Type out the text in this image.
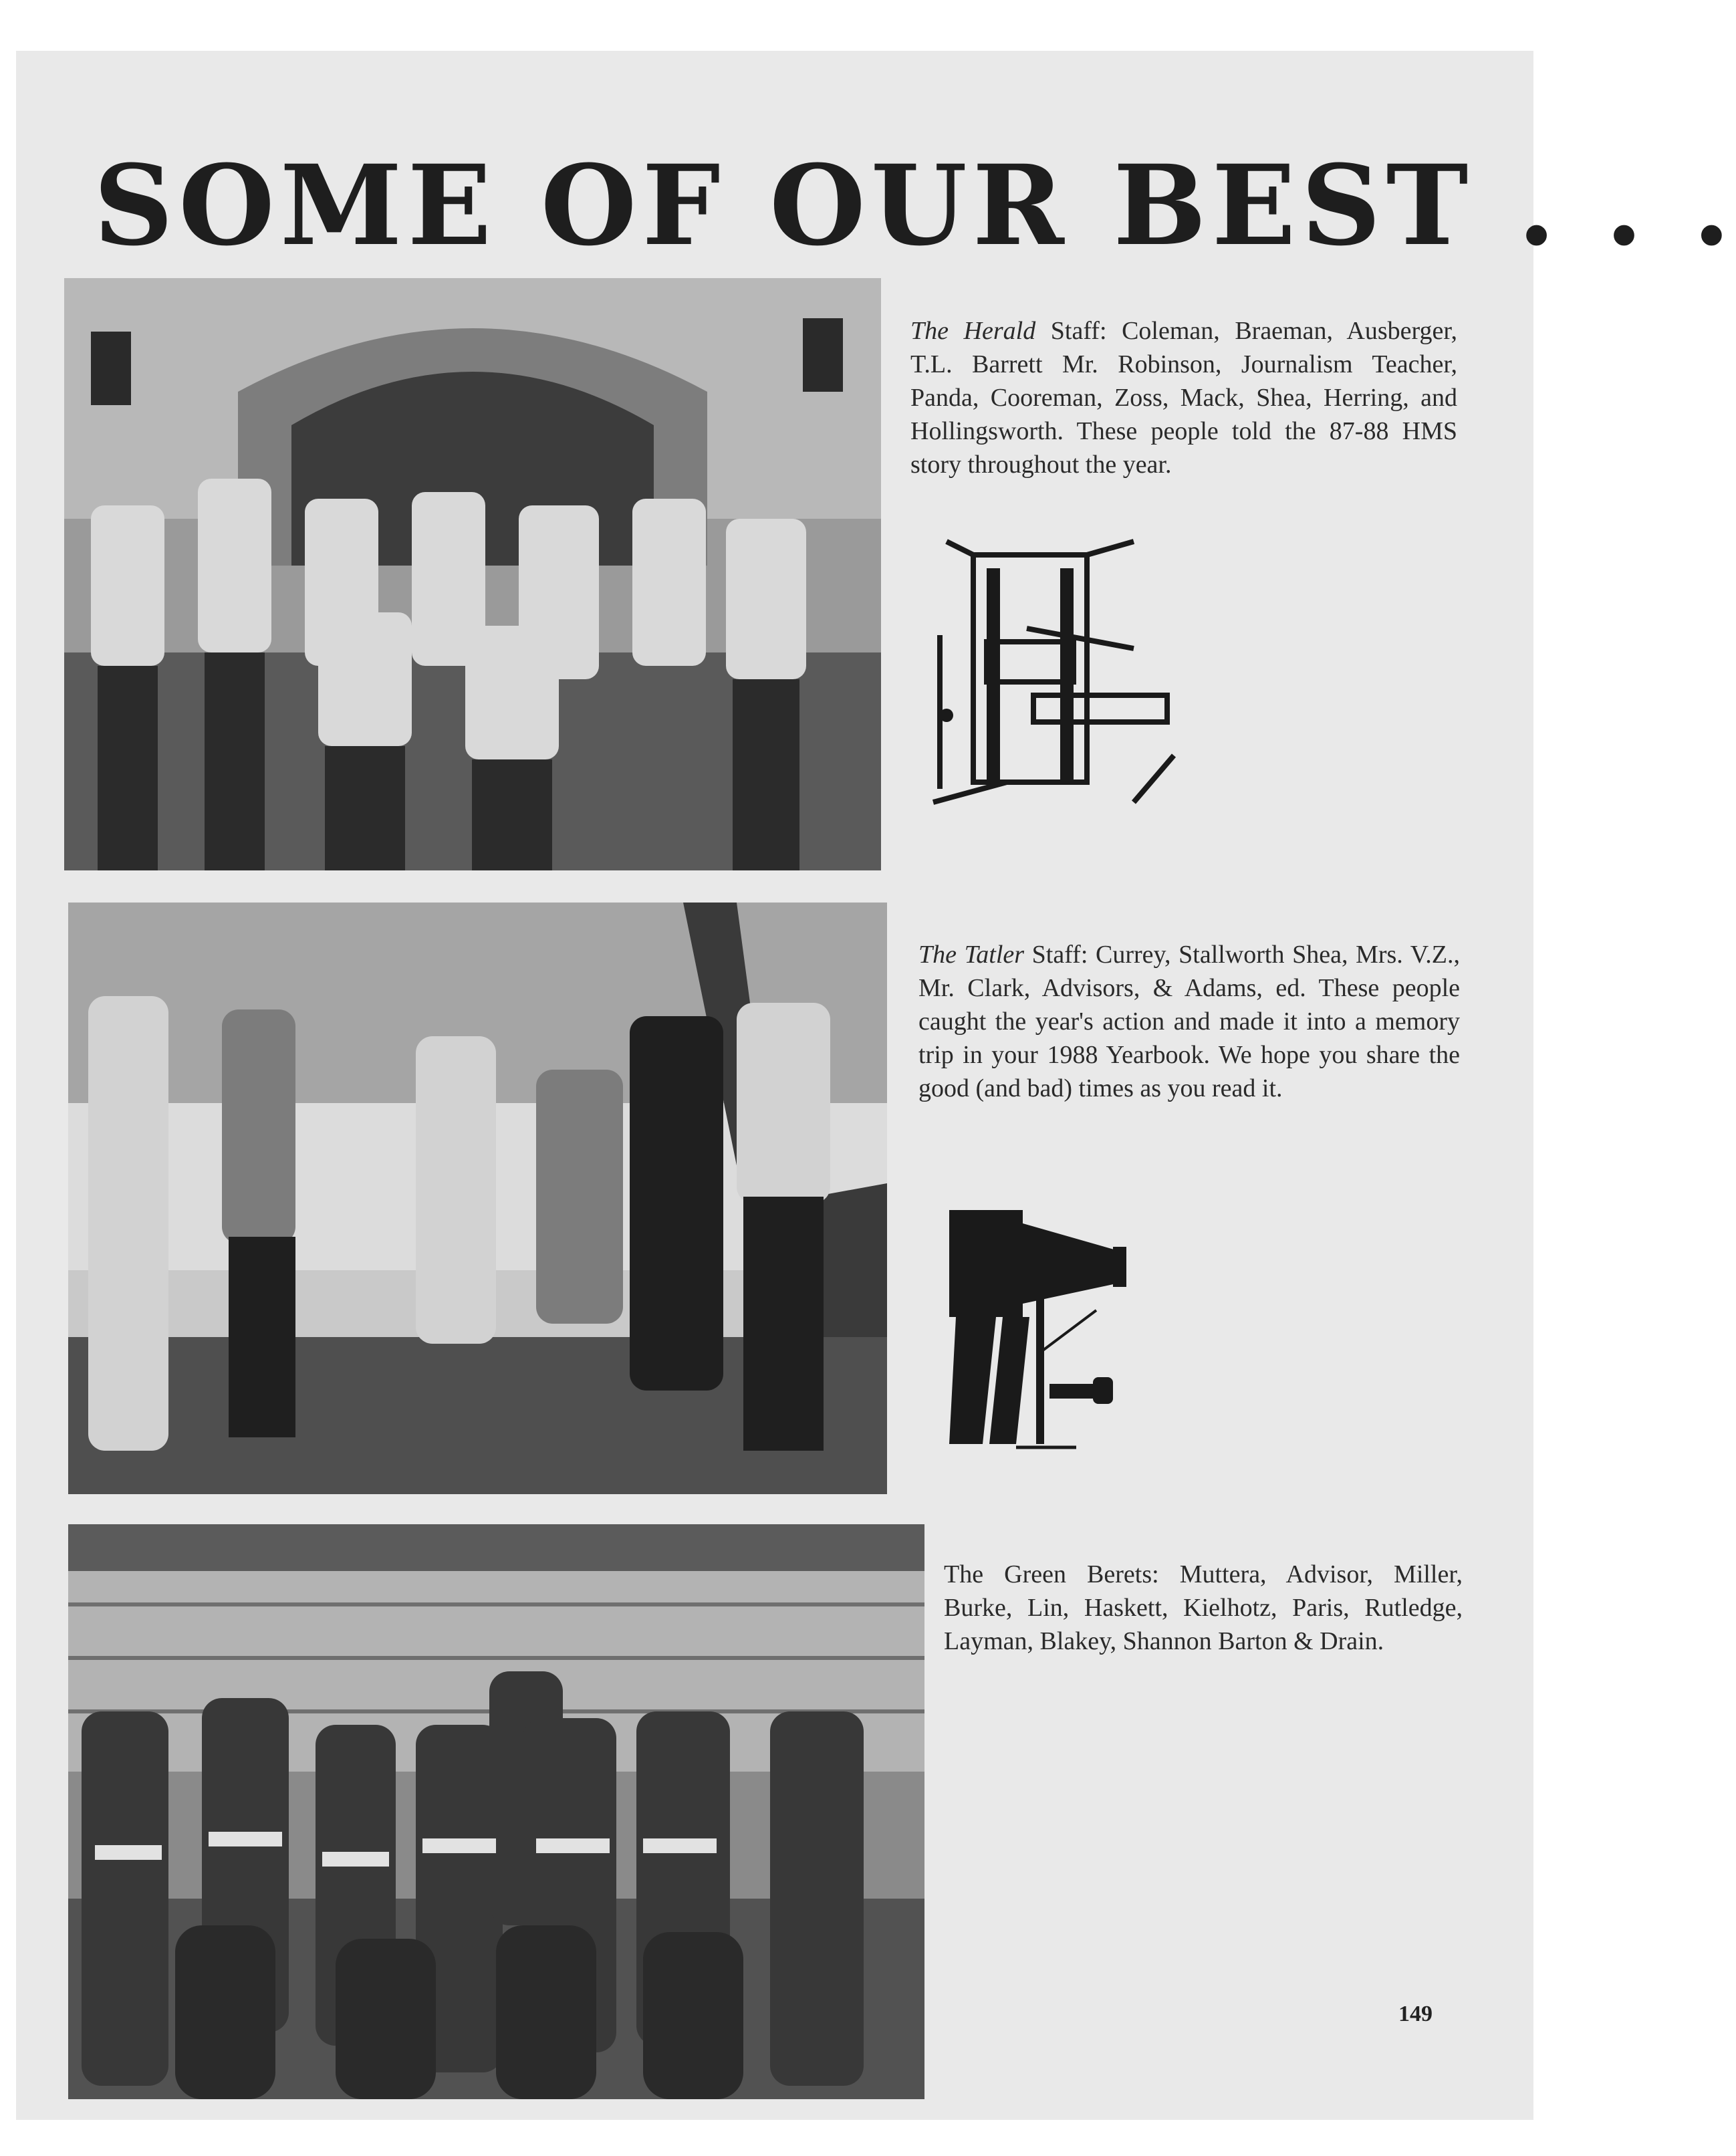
SOME OF OUR BEST . . .

The Herald Staff: Coleman, Braeman, Ausberger, T.L. Barrett Mr. Robinson, Journalism Teacher, Panda, Cooreman, Zoss, Mack, Shea, Herring, and Hollingsworth. These people told the 87-88 HMS story throughout the year.

The Tatler Staff: Currey, Stallworth Shea, Mrs. V.Z., Mr. Clark, Advisors, & Adams, ed. These people caught the year's action and made it into a memory trip in your 1988 Yearbook. We hope you share the good (and bad) times as you read it.

The Green Berets: Muttera, Advisor, Miller, Burke, Lin, Haskett, Kielhotz, Paris, Rutledge, Layman, Blakey, Shannon Barton & Drain.

149
